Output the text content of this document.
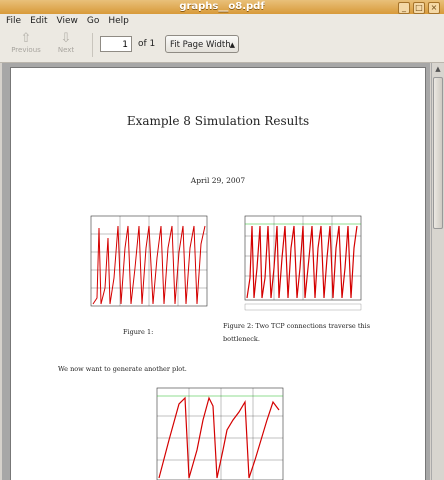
graphs__o8.pdf	_	□ ×
File Edit View Go Help
⇧
Previous
⇩
Next	1	of 1	Fit Page Width
▲

Example 8 Simulation Results
April 29, 2007
Figure 1:
Figure 2: Two TCP connections traverse this
bottleneck.
We now want to generate another plot.
▲
